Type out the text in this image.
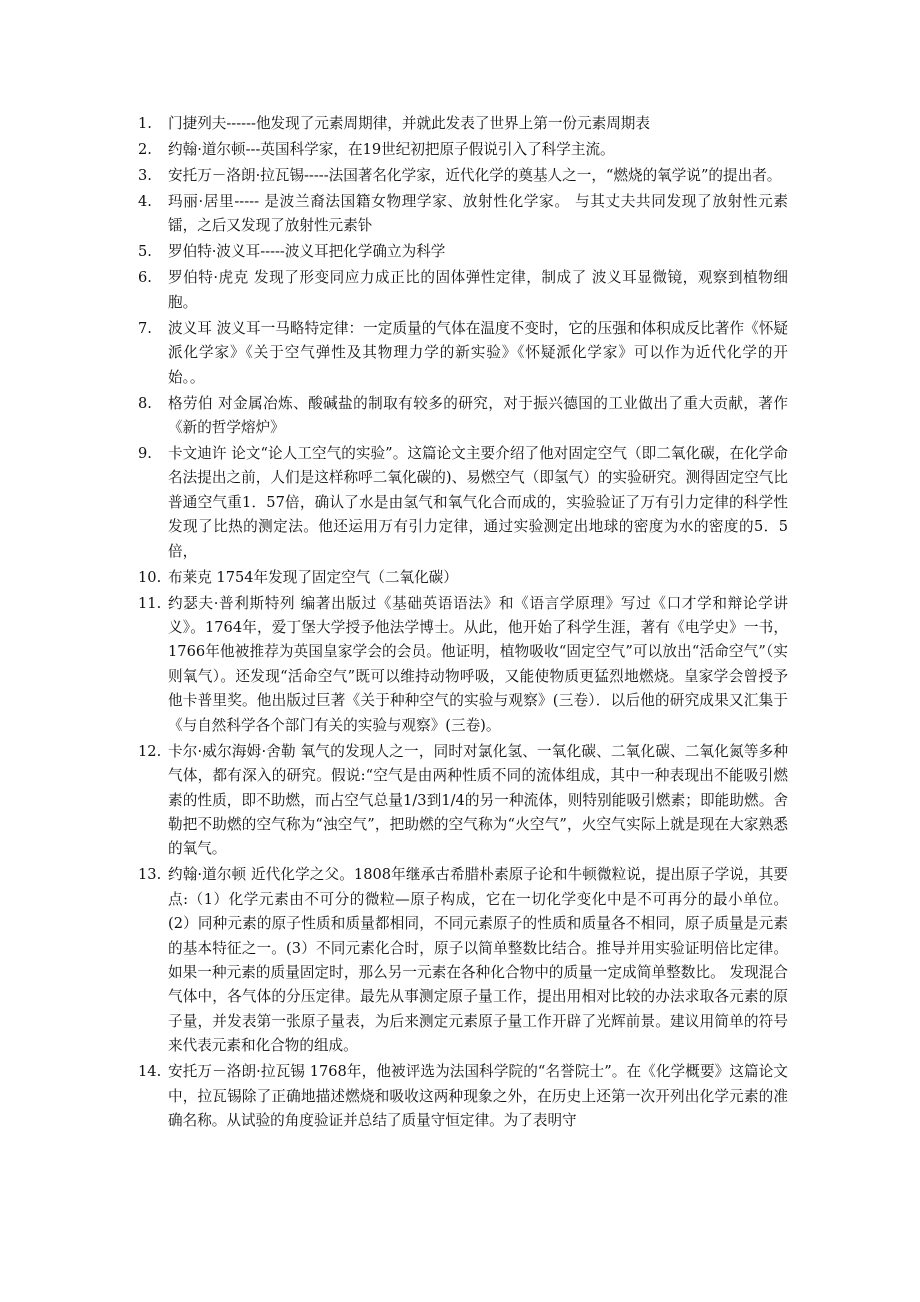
1.	门捷列夫------他发现了元素周期律，并就此发表了世界上第一份元素周期表
2.	约翰·道尔顿---英国科学家，在19世纪初把原子假说引入了科学主流。
3.	安托万－洛朗·拉瓦锡-----法国著名化学家，近代化学的奠基人之一，“燃烧的氧学说”的提出者。
4.	玛丽·居里----- 是波兰裔法国籍女物理学家、放射性化学家。 与其丈夫共同发现了放射性元素镭，之后又发现了放射性元素钋
5.	罗伯特·波义耳-----波义耳把化学确立为科学
6.	罗伯特·虎克 发现了形变同应力成正比的固体弹性定律，制成了 波义耳显微镜，观察到植物细胞。
7.	波义耳 波义耳一马略特定律：一定质量的气体在温度不变时，它的压强和体积成反比著作《怀疑派化学家》《关于空气弹性及其物理力学的新实验》《怀疑派化学家》可以作为近代化学的开始。。
8.	格劳伯 对金属冶炼、酸碱盐的制取有较多的研究，对于振兴德国的工业做出了重大贡献，著作《新的哲学熔炉》
9.	卡文迪许 论文“论人工空气的实验”。这篇论文主要介绍了他对固定空气（即二氧化碳，在化学命名法提出之前，人们是这样称呼二氧化碳的)、易燃空气（即氢气）的实验研究。测得固定空气比普通空气重1．57倍，确认了水是由氢气和氧气化合而成的，实验验证了万有引力定律的科学性发现了比热的测定法。他还运用万有引力定律，通过实验测定出地球的密度为水的密度的5．5倍，
10. 布莱克 1754年发现了固定空气（二氧化碳）
11. 约瑟夫·普利斯特列 编著出版过《基础英语语法》和《语言学原理》写过《口才学和辩论学讲义》。1764年，爱丁堡大学授予他法学博士。从此，他开始了科学生涯，著有《电学史》一书，1766年他被推荐为英国皇家学会的会员。他证明，植物吸收“固定空气”可以放出“活命空气”（实则氧气）。还发现“活命空气”既可以维持动物呼吸，又能使物质更猛烈地燃烧。皇家学会曾授予他卡普里奖。他出版过巨著《关于种种空气的实验与观察》(三卷）．以后他的研究成果又汇集于《与自然科学各个部门有关的实验与观察》(三卷)。
12. 卡尔·威尔海姆·舍勒 氧气的发现人之一，同时对氯化氢、一氧化碳、二氧化碳、二氧化氮等多种气体，都有深入的研究。假说:“空气是由两种性质不同的流体组成，其中一种表现出不能吸引燃素的性质，即不助燃，而占空气总量1/3到1/4的另一种流体，则特别能吸引燃素；即能助燃。舍勒把不助燃的空气称为“浊空气”，把助燃的空气称为“火空气”，火空气实际上就是现在大家熟悉的氧气。
13. 约翰·道尔顿 近代化学之父。1808年继承古希腊朴素原子论和牛顿微粒说，提出原子学说，其要点:（1）化学元素由不可分的微粒—原子构成，它在一切化学变化中是不可再分的最小单位。(2）同种元素的原子性质和质量都相同，不同元素原子的性质和质量各不相同，原子质量是元素的基本特征之一。(3）不同元素化合时，原子以简单整数比结合。推导并用实验证明倍比定律。如果一种元素的质量固定时，那么另一元素在各种化合物中的质量一定成简单整数比。 发现混合气体中，各气体的分压定律。最先从事测定原子量工作，提出用相对比较的办法求取各元素的原子量，并发表第一张原子量表，为后来测定元素原子量工作开辟了光辉前景。建议用简单的符号来代表元素和化合物的组成。
14. 安托万－洛朗·拉瓦锡 1768年，他被评选为法国科学院的“名誉院士”。在《化学概要》这篇论文中，拉瓦锡除了正确地描述燃烧和吸收这两种现象之外，在历史上还第一次开列出化学元素的准确名称。从试验的角度验证并总结了质量守恒定律。为了表明守
